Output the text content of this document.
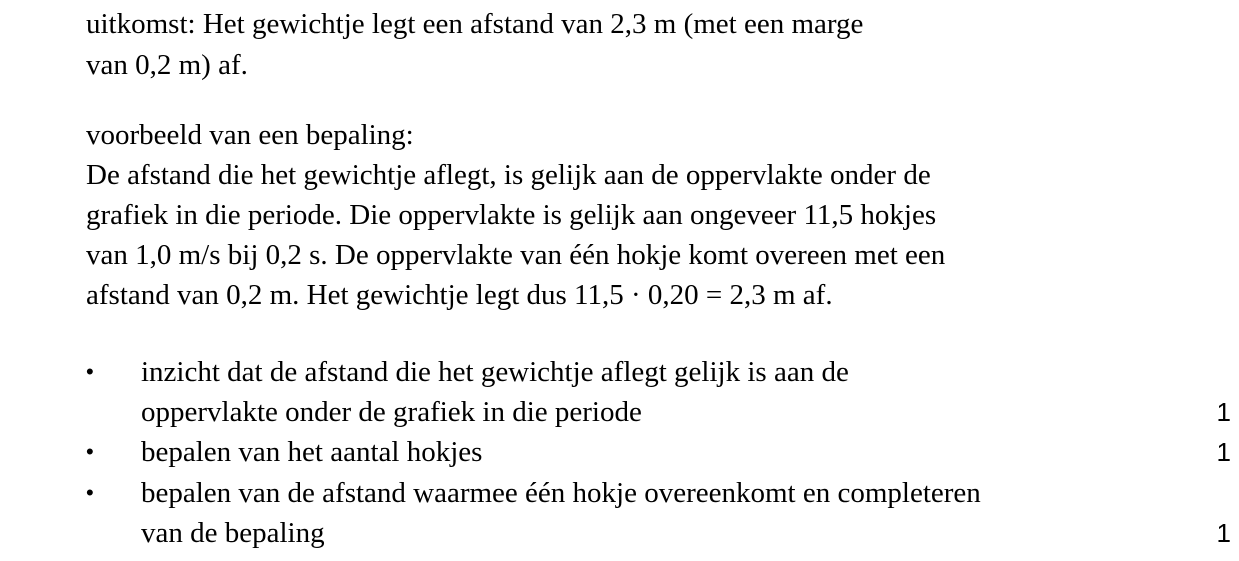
uitkomst: Het gewichtje legt een afstand van 2,3 m (met een marge
van 0,2 m) af.
voorbeeld van een bepaling:
De afstand die het gewichtje aflegt, is gelijk aan de oppervlakte onder de
grafiek in die periode. Die oppervlakte is gelijk aan ongeveer 11,5 hokjes
van 1,0 m/s bij 0,2 s. De oppervlakte van één hokje komt overeen met een
afstand van 0,2 m. Het gewichtje legt dus 11,5 · 0,20 = 2,3 m af.
• inzicht dat de afstand die het gewichtje aflegt gelijk is aan de
oppervlakte onder de grafiek in die periode	1
• bepalen van het aantal hokjes	1
• bepalen van de afstand waarmee één hokje overeenkomt en completeren
van de bepaling	1
